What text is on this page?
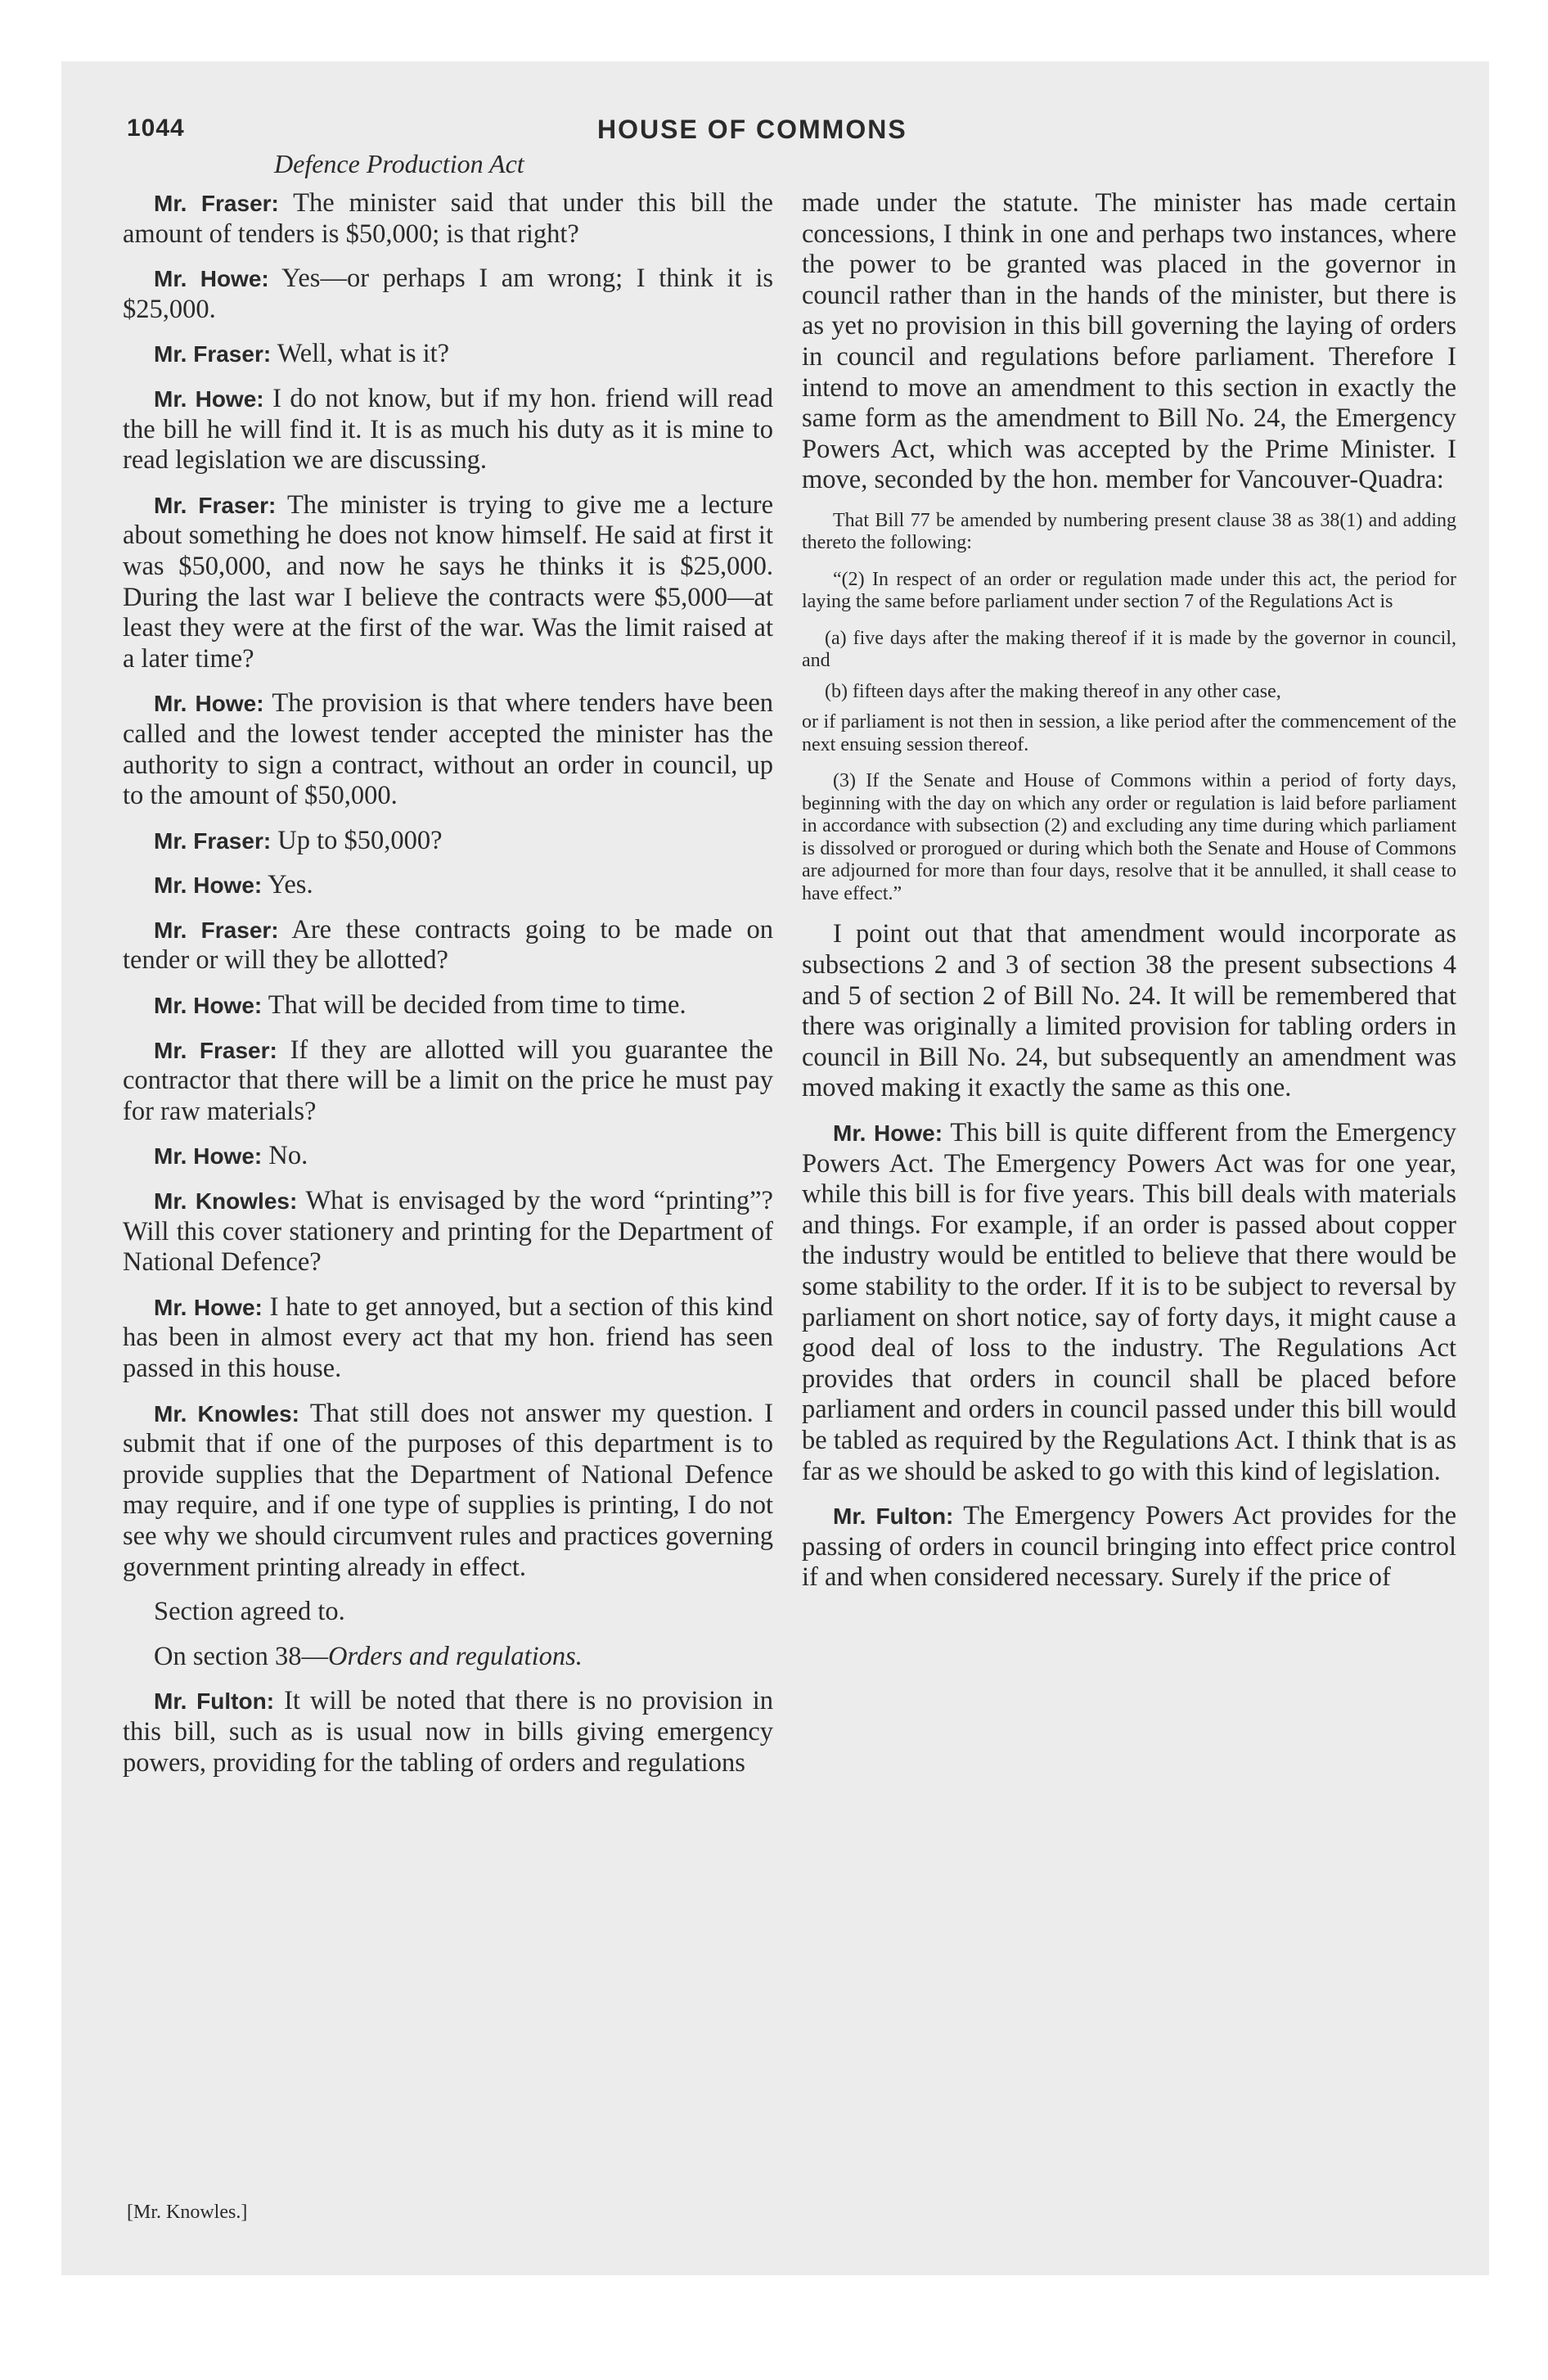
1044	HOUSE OF COMMONS
Defence Production Act

Mr. Fraser: The minister said that under this bill the amount of tenders is $50,000; is that right?

Mr. Howe: Yes—or perhaps I am wrong; I think it is $25,000.

Mr. Fraser: Well, what is it?

Mr. Howe: I do not know, but if my hon. friend will read the bill he will find it. It is as much his duty as it is mine to read legislation we are discussing.

Mr. Fraser: The minister is trying to give me a lecture about something he does not know himself. He said at first it was $50,000, and now he says he thinks it is $25,000. During the last war I believe the contracts were $5,000—at least they were at the first of the war. Was the limit raised at a later time?

Mr. Howe: The provision is that where tenders have been called and the lowest tender accepted the minister has the authority to sign a contract, without an order in council, up to the amount of $50,000.

Mr. Fraser: Up to $50,000?

Mr. Howe: Yes.

Mr. Fraser: Are these contracts going to be made on tender or will they be allotted?

Mr. Howe: That will be decided from time to time.

Mr. Fraser: If they are allotted will you guarantee the contractor that there will be a limit on the price he must pay for raw materials?

Mr. Howe: No.

Mr. Knowles: What is envisaged by the word “printing”? Will this cover stationery and printing for the Department of National Defence?

Mr. Howe: I hate to get annoyed, but a section of this kind has been in almost every act that my hon. friend has seen passed in this house.

Mr. Knowles: That still does not answer my question. I submit that if one of the purposes of this department is to provide supplies that the Department of National Defence may require, and if one type of supplies is printing, I do not see why we should circumvent rules and practices governing government printing already in effect.

Section agreed to.

On section 38—Orders and regulations.

Mr. Fulton: It will be noted that there is no provision in this bill, such as is usual now in bills giving emergency powers, providing for the tabling of orders and regulations

made under the statute. The minister has made certain concessions, I think in one and perhaps two instances, where the power to be granted was placed in the governor in council rather than in the hands of the minister, but there is as yet no provision in this bill governing the laying of orders in council and regulations before parliament. Therefore I intend to move an amendment to this section in exactly the same form as the amendment to Bill No. 24, the Emergency Powers Act, which was accepted by the Prime Minister. I move, seconded by the hon. member for Vancouver-Quadra:

That Bill 77 be amended by numbering present clause 38 as 38(1) and adding thereto the following:

“(2) In respect of an order or regulation made under this act, the period for laying the same before parliament under section 7 of the Regulations Act is

(a) five days after the making thereof if it is made by the governor in council, and

(b) fifteen days after the making thereof in any other case,

or if parliament is not then in session, a like period after the commencement of the next ensuing session thereof.

(3) If the Senate and House of Commons within a period of forty days, beginning with the day on which any order or regulation is laid before parliament in accordance with subsection (2) and excluding any time during which parliament is dissolved or prorogued or during which both the Senate and House of Commons are adjourned for more than four days, resolve that it be annulled, it shall cease to have effect.”

I point out that that amendment would incorporate as subsections 2 and 3 of section 38 the present subsections 4 and 5 of section 2 of Bill No. 24. It will be remembered that there was originally a limited provision for tabling orders in council in Bill No. 24, but subsequently an amendment was moved making it exactly the same as this one.

Mr. Howe: This bill is quite different from the Emergency Powers Act. The Emergency Powers Act was for one year, while this bill is for five years. This bill deals with materials and things. For example, if an order is passed about copper the industry would be entitled to believe that there would be some stability to the order. If it is to be subject to reversal by parliament on short notice, say of forty days, it might cause a good deal of loss to the industry. The Regulations Act provides that orders in council shall be placed before parliament and orders in council passed under this bill would be tabled as required by the Regulations Act. I think that is as far as we should be asked to go with this kind of legislation.

Mr. Fulton: The Emergency Powers Act provides for the passing of orders in council bringing into effect price control if and when considered necessary. Surely if the price of

[Mr. Knowles.]
